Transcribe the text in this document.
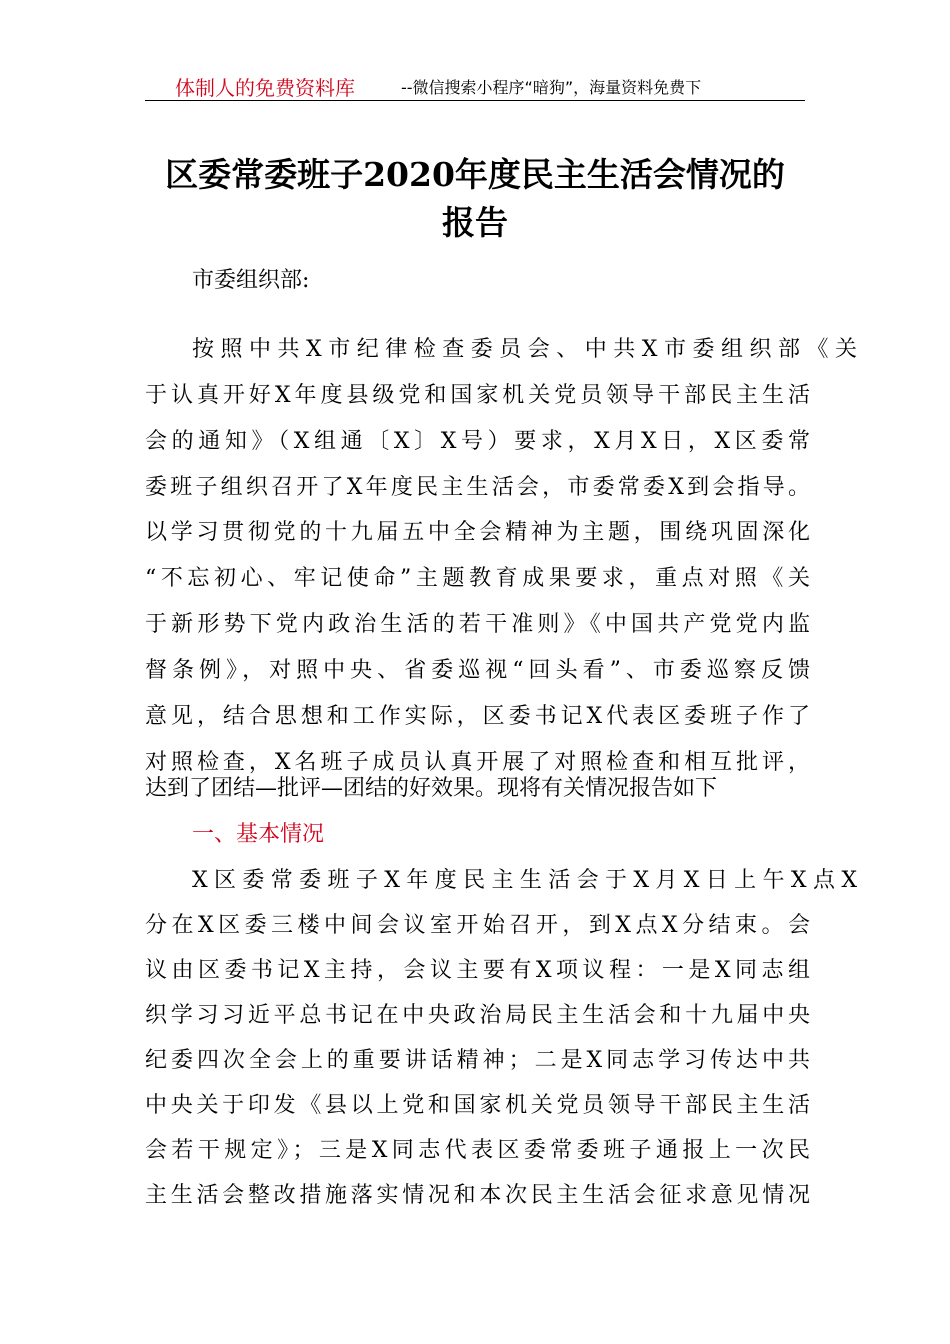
体制人的免费资料库	--微信搜索小程序“暗狗”，海量资料免费下
区委常委班子2020年度民主生活会情况的
报告
市委组织部:

按照中共X市纪律检查委员会、中共X市委组织部《关

于认真开好X年度县级党和国家机关党员领导干部民主生活

会的通知》（X组通〔X〕X号）要求，X月X日，X区委常

委班子组织召开了X年度民主生活会，市委常委X到会指导。

以学习贯彻党的十九届五中全会精神为主题，围绕巩固深化

“不忘初心、牢记使命”主题教育成果要求，重点对照《关

于新形势下党内政治生活的若干准则》《中国共产党党内监

督条例》，对照中央、省委巡视“回头看”、市委巡察反馈

意见，结合思想和工作实际，区委书记X代表区委班子作了

对照检查，X名班子成员认真开展了对照检查和相互批评，

达到了团结—批评—团结的好效果。现将有关情况报告如下

一、基本情况

X区委常委班子X年度民主生活会于X月X日上午X点X

分在X区委三楼中间会议室开始召开，到X点X分结束。会

议由区委书记X主持，会议主要有X项议程：一是X同志组

织学习习近平总书记在中央政治局民主生活会和十九届中央

纪委四次全会上的重要讲话精神；二是X同志学习传达中共

中央关于印发《县以上党和国家机关党员领导干部民主生活

会若干规定》；三是X同志代表区委常委班子通报上一次民

主生活会整改措施落实情况和本次民主生活会征求意见情况
